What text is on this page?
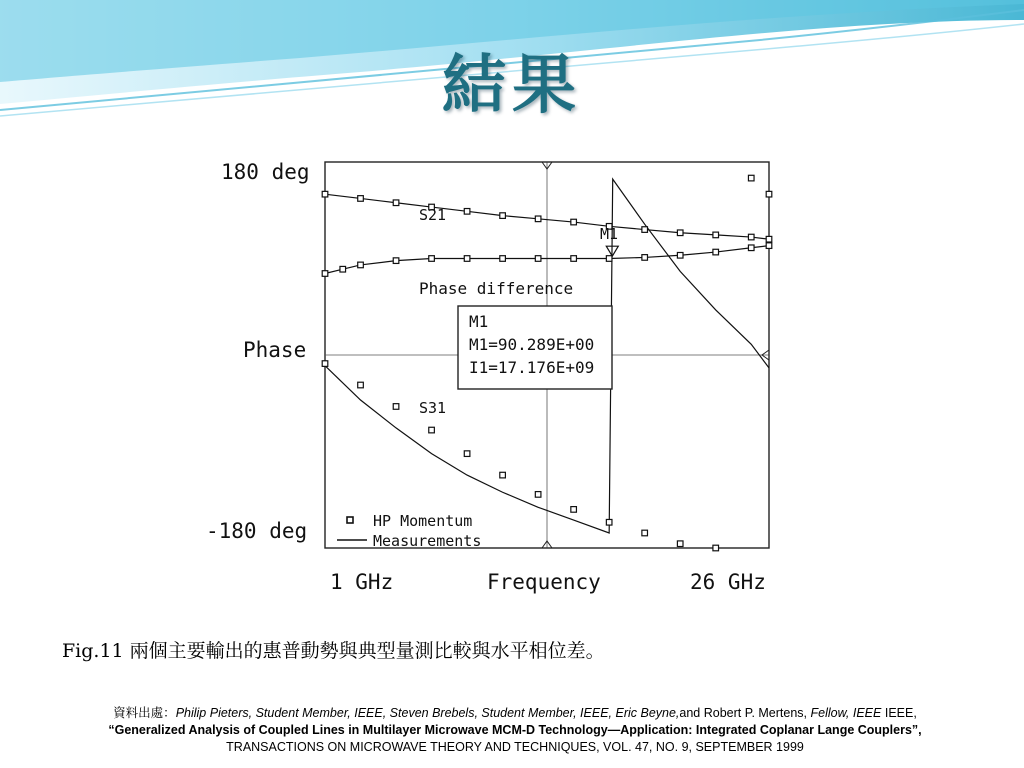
結果
S21
Phase difference
S31
M1
M1
M1=90.289E+00
I1=17.176E+09
HP Momentum
Measurements
180 deg
-180 deg
Phase
1 GHz	Frequency	26 GHz
Fig.11 兩個主要輸出的惠普動勢與典型量測比較與水平相位差。
資料出處：Philip Pieters, Student Member, IEEE, Steven Brebels, Student Member, IEEE, Eric Beyne,and Robert P. Mertens, Fellow, IEEE IEEE,
“Generalized Analysis of Coupled Lines in Multilayer Microwave MCM-D Technology—Application: Integrated Coplanar Lange Couplers”,
TRANSACTIONS ON MICROWAVE THEORY AND TECHNIQUES, VOL. 47, NO. 9, SEPTEMBER 1999
